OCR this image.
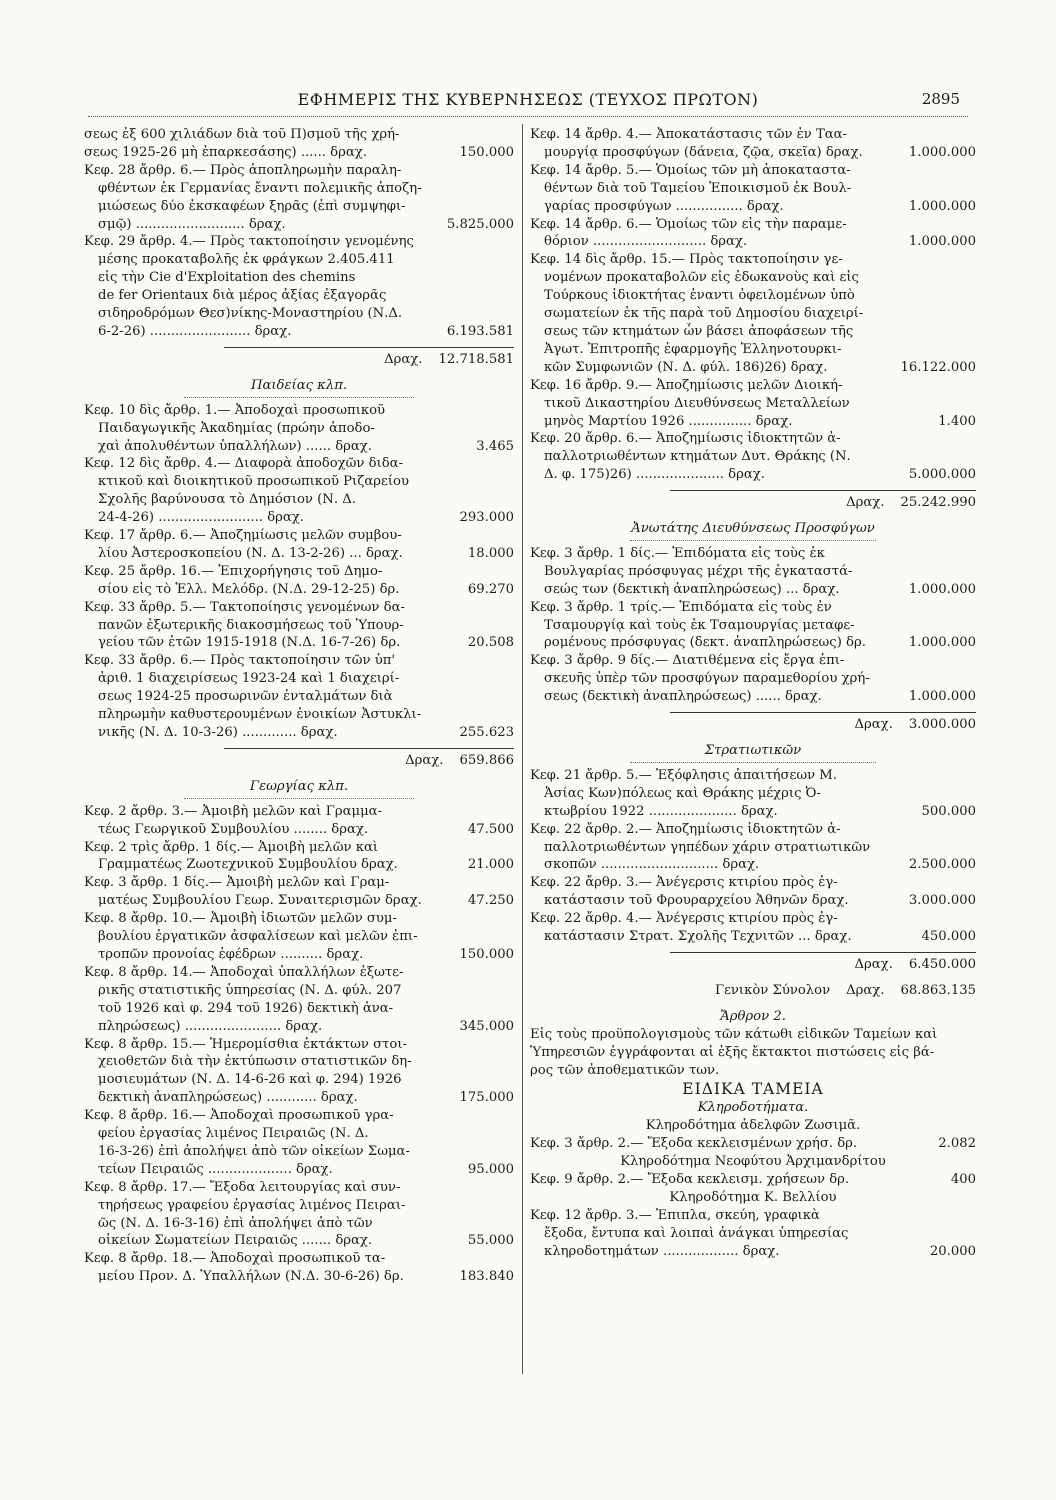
ΕΦΗΜΕΡΙΣ ΤΗΣ ΚΥΒΕΡΝΗΣΕΩΣ (ΤΕΥΧΟΣ ΠΡΩΤΟΝ)	2895
σεως ἐξ 600 χιλιάδων διὰ τοῦ Π)σμοῦ τῆς χρή-
σεως 1925-26 μὴ ἐπαρκεσάσης) ...... δραχ.	150.000
Κεφ. 28 ἄρθρ. 6.— Πρὸς ἀποπληρωμὴν παραλη-
φθέντων ἐκ Γερμανίας ἔναντι πολεμικῆς ἀποζη-
μιώσεως δύο ἐκσκαφέων ξηρᾶς (ἐπὶ συμψηφι-
σμῷ) .......................... δραχ.	5.825.000
Κεφ. 29 ἄρθρ. 4.— Πρὸς τακτοποίησιν γενομένης
μέσης προκαταβολῆς ἐκ φράγκων 2.405.411
εἰς τὴν Cie d'Exploitation des chemins
de fer Orientaux διὰ μέρος ἀξίας ἐξαγορᾶς
σιδηροδρόμων Θεσ)νίκης-Μοναστηρίου (Ν.Δ.
6-2-26) ........................ δραχ.	6.193.581
Δραχ. 12.718.581
Παιδείας κλπ.
Κεφ. 10 δὶς ἄρθρ. 1.— Ἀποδοχαὶ προσωπικοῦ
Παιδαγωγικῆς Ἀκαδημίας (πρώην ἀποδο-
χαὶ ἀπολυθέντων ὑπαλλήλων) ...... δραχ.	3.465
Κεφ. 12 δὶς ἄρθρ. 4.— Διαφορὰ ἀποδοχῶν διδα-
κτικοῦ καὶ διοικητικοῦ προσωπικοῦ Ριζαρείου
Σχολῆς βαρύνουσα τὸ Δημόσιον (Ν. Δ.
24-4-26) ......................... δραχ.	293.000
Κεφ. 17 ἄρθρ. 6.— Ἀποζημίωσις μελῶν συμβου-
λίου Ἀστεροσκοπείου (Ν. Δ. 13-2-26) ... δραχ.	18.000
Κεφ. 25 ἄρθρ. 16.— Ἐπιχορήγησις τοῦ Δημο-
σίου εἰς τὸ Ἑλλ. Μελόδρ. (Ν.Δ. 29-12-25) δρ.	69.270
Κεφ. 33 ἄρθρ. 5.— Τακτοποίησις γενομένων δα-
πανῶν ἐξωτερικῆς διακοσμήσεως τοῦ Ὑπουρ-
γείου τῶν ἐτῶν 1915-1918 (Ν.Δ. 16-7-26) δρ.	20.508
Κεφ. 33 ἄρθρ. 6.— Πρὸς τακτοποίησιν τῶν ὑπ'
ἀριθ. 1 διαχειρίσεως 1923-24 καὶ 1 διαχειρί-
σεως 1924-25 προσωρινῶν ἐνταλμάτων διὰ
πληρωμὴν καθυστερουμένων ἐνοικίων Ἀστυκλι-
νικῆς (Ν. Δ. 10-3-26) ............. δραχ.	255.623
Δραχ. 659.866
Γεωργίας κλπ.
Κεφ. 2 ἄρθρ. 3.— Ἀμοιβὴ μελῶν καὶ Γραμμα-
τέως Γεωργικοῦ Συμβουλίου ........ δραχ.	47.500
Κεφ. 2 τρὶς ἄρθρ. 1 δίς.— Ἀμοιβὴ μελῶν καὶ
Γραμματέως Ζωοτεχνικοῦ Συμβουλίου δραχ.	21.000
Κεφ. 3 ἄρθρ. 1 δίς.— Ἀμοιβὴ μελῶν καὶ Γραμ-
ματέως Συμβουλίου Γεωρ. Συναιτερισμῶν δραχ.	47.250
Κεφ. 8 ἄρθρ. 10.— Ἀμοιβὴ ἰδιωτῶν μελῶν συμ-
βουλίου ἐργατικῶν ἀσφαλίσεων καὶ μελῶν ἐπι-
τροπῶν προνοίας ἐφέδρων .......... δραχ.	150.000
Κεφ. 8 ἄρθρ. 14.— Ἀποδοχαὶ ὑπαλλήλων ἐξωτε-
ρικῆς στατιστικῆς ὑπηρεσίας (Ν. Δ. φύλ. 207
τοῦ 1926 καὶ φ. 294 τοῦ 1926) δεκτικὴ ἀνα-
πληρώσεως) ....................... δραχ.	345.000
Κεφ. 8 ἄρθρ. 15.— Ἡμερομίσθια ἐκτάκτων στοι-
χειοθετῶν διὰ τὴν ἐκτύπωσιν στατιστικῶν δη-
μοσιευμάτων (Ν. Δ. 14-6-26 καὶ φ. 294) 1926
δεκτικὴ ἀναπληρώσεως) ............ δραχ.	175.000
Κεφ. 8 ἄρθρ. 16.— Ἀποδοχαὶ προσωπικοῦ γρα-
φείου ἐργασίας λιμένος Πειραιῶς (Ν. Δ.
16-3-26) ἐπὶ ἀπολήψει ἀπὸ τῶν οἰκείων Σωμα-
τείων Πειραιῶς .................... δραχ.	95.000
Κεφ. 8 ἄρθρ. 17.— Ἔξοδα λειτουργίας καὶ συν-
τηρήσεως γραφείου ἐργασίας λιμένος Πειραι-
ῶς (Ν. Δ. 16-3-16) ἐπὶ ἀπολήψει ἀπὸ τῶν
οἰκείων Σωματείων Πειραιῶς ....... δραχ.	55.000
Κεφ. 8 ἄρθρ. 18.— Ἀποδοχαὶ προσωπικοῦ τα-
μείου Προν. Δ. Ὑπαλλήλων (Ν.Δ. 30-6-26) δρ.	183.840
Κεφ. 14 ἄρθρ. 4.— Ἀποκατάστασις τῶν ἐν Ταα-
μουργίᾳ προσφύγων (δάνεια, ζῷα, σκεῖα) δραχ.	1.000.000
Κεφ. 14 ἄρθρ. 5.— Ὁμοίως τῶν μὴ ἀποκαταστα-
θέντων διὰ τοῦ Ταμείου Ἐποικισμοῦ ἐκ Βουλ-
γαρίας προσφύγων ................ δραχ.	1.000.000
Κεφ. 14 ἄρθρ. 6.— Ὁμοίως τῶν εἰς τὴν παραμε-
θόριον ........................... δραχ.	1.000.000
Κεφ. 14 δὶς ἄρθρ. 15.— Πρὸς τακτοποίησιν γε-
νομένων προκαταβολῶν εἰς ἐδωκανοὺς καὶ εἰς
Τούρκους ἰδιοκτήτας ἐναντι ὀφειλομένων ὑπὸ
σωματείων ἐκ τῆς παρὰ τοῦ Δημοσίου διαχειρί-
σεως τῶν κτημάτων ὧν βάσει ἀποφάσεων τῆς
Ἀγωτ. Ἐπιτροπῆς ἐφαρμογῆς Ἑλληνοτουρκι-
κῶν Συμφωνιῶν (Ν. Δ. φύλ. 186)26) δραχ.	16.122.000
Κεφ. 16 ἄρθρ. 9.— Ἀποζημίωσις μελῶν Διοική-
τικοῦ Δικαστηρίου Διευθύνσεως Μεταλλείων
μηνὸς Μαρτίου 1926 ............... δραχ.	1.400
Κεφ. 20 ἄρθρ. 6.— Ἀποζημίωσις ἰδιοκτητῶν ἀ-
παλλοτριωθέντων κτημάτων Δυτ. Θράκης (Ν.
Δ. φ. 175)26) ..................... δραχ.	5.000.000
Δραχ. 25.242.990
Ἀνωτάτης Διευθύνσεως Προσφύγων
Κεφ. 3 ἄρθρ. 1 δίς.— Ἐπιδόματα εἰς τοὺς ἐκ
Βουλγαρίας πρόσφυγας μέχρι τῆς ἐγκαταστά-
σεώς των (δεκτικὴ ἀναπληρώσεως) ... δραχ.	1.000.000
Κεφ. 3 ἄρθρ. 1 τρίς.— Ἐπιδόματα εἰς τοὺς ἐν
Τσαμουργίᾳ καὶ τοὺς ἐκ Τσαμουργίας μεταφε-
ρομένους πρόσφυγας (δεκτ. ἀναπληρώσεως) δρ.	1.000.000
Κεφ. 3 ἄρθρ. 9 δίς.— Διατιθέμενα εἰς ἔργα ἐπι-
σκευῆς ὑπὲρ τῶν προσφύγων παραμεθορίου χρή-
σεως (δεκτικὴ ἀναπληρώσεως) ...... δραχ.	1.000.000
Δραχ. 3.000.000
Στρατιωτικῶν
Κεφ. 21 ἄρθρ. 5.— Ἐξόφλησις ἀπαιτήσεων Μ.
Ἀσίας Κων)πόλεως καὶ Θράκης μέχρις Ὀ-
κτωβρίου 1922 ..................... δραχ.	500.000
Κεφ. 22 ἄρθρ. 2.— Ἀποζημίωσις ἰδιοκτητῶν ἀ-
παλλοτριωθέντων γηπέδων χάριν στρατιωτικῶν
σκοπῶν ............................ δραχ.	2.500.000
Κεφ. 22 ἄρθρ. 3.— Ἀνέγερσις κτιρίου πρὸς ἐγ-
κατάστασιν τοῦ Φρουραρχείου Ἀθηνῶν δραχ.	3.000.000
Κεφ. 22 ἄρθρ. 4.— Ἀνέγερσις κτιρίου πρὸς ἐγ-
κατάστασιν Στρατ. Σχολῆς Τεχνιτῶν ... δραχ.	450.000
Δραχ. 6.450.000
Γενικὸν Σύνολον Δραχ. 68.863.135
Ἄρθρον 2.
Εἰς τοὺς προϋπολογισμοὺς τῶν κάτωθι εἰδικῶν Ταμείων καὶ
Ὑπηρεσιῶν ἐγγράφονται αἱ ἑξῆς ἔκτακτοι πιστώσεις εἰς βά-
ρος τῶν ἀποθεματικῶν των.
ΕΙΔΙΚΑ ΤΑΜΕΙΑ
Κληροδοτήματα.
Κληροδότημα ἀδελφῶν Ζωσιμᾶ.
Κεφ. 3 ἄρθρ. 2.— Ἔξοδα κεκλεισμένων χρήσ. δρ.	2.082
Κληροδότημα Νεοφύτου Ἀρχιμανδρίτου
Κεφ. 9 ἄρθρ. 2.— Ἔξοδα κεκλεισμ. χρήσεων δρ.	400
Κληροδότημα Κ. Βελλίου
Κεφ. 12 ἄρθρ. 3.— Ἐπιπλα, σκεύη, γραφικὰ
ἔξοδα, ἔντυπα καὶ λοιπαὶ ἀνάγκαι ὑπηρεσίας
κληροδοτημάτων .................. δραχ.	20.000
